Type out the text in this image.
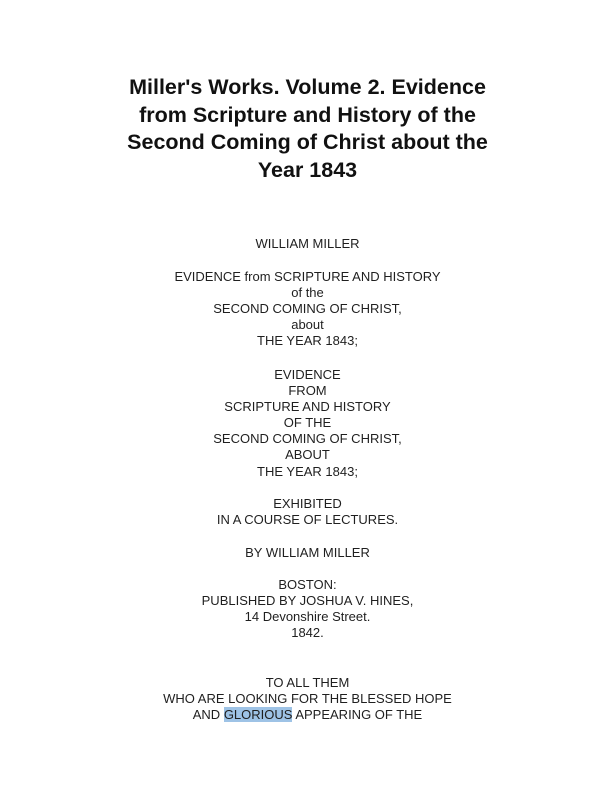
Miller's Works. Volume 2. Evidence
from Scripture and History of the
Second Coming of Christ about the
Year 1843
WILLIAM MILLER
EVIDENCE from SCRIPTURE AND HISTORY
of the
SECOND COMING OF CHRIST,
about
THE YEAR 1843;
EVIDENCE
FROM
SCRIPTURE AND HISTORY
OF THE
SECOND COMING OF CHRIST,
ABOUT
THE YEAR 1843;
EXHIBITED
IN A COURSE OF LECTURES.
BY WILLIAM MILLER
BOSTON:
PUBLISHED BY JOSHUA V. HINES,
14 Devonshire Street.
1842.
TO ALL THEM
WHO ARE LOOKING FOR THE BLESSED HOPE
AND GLORIOUS APPEARING OF THE
